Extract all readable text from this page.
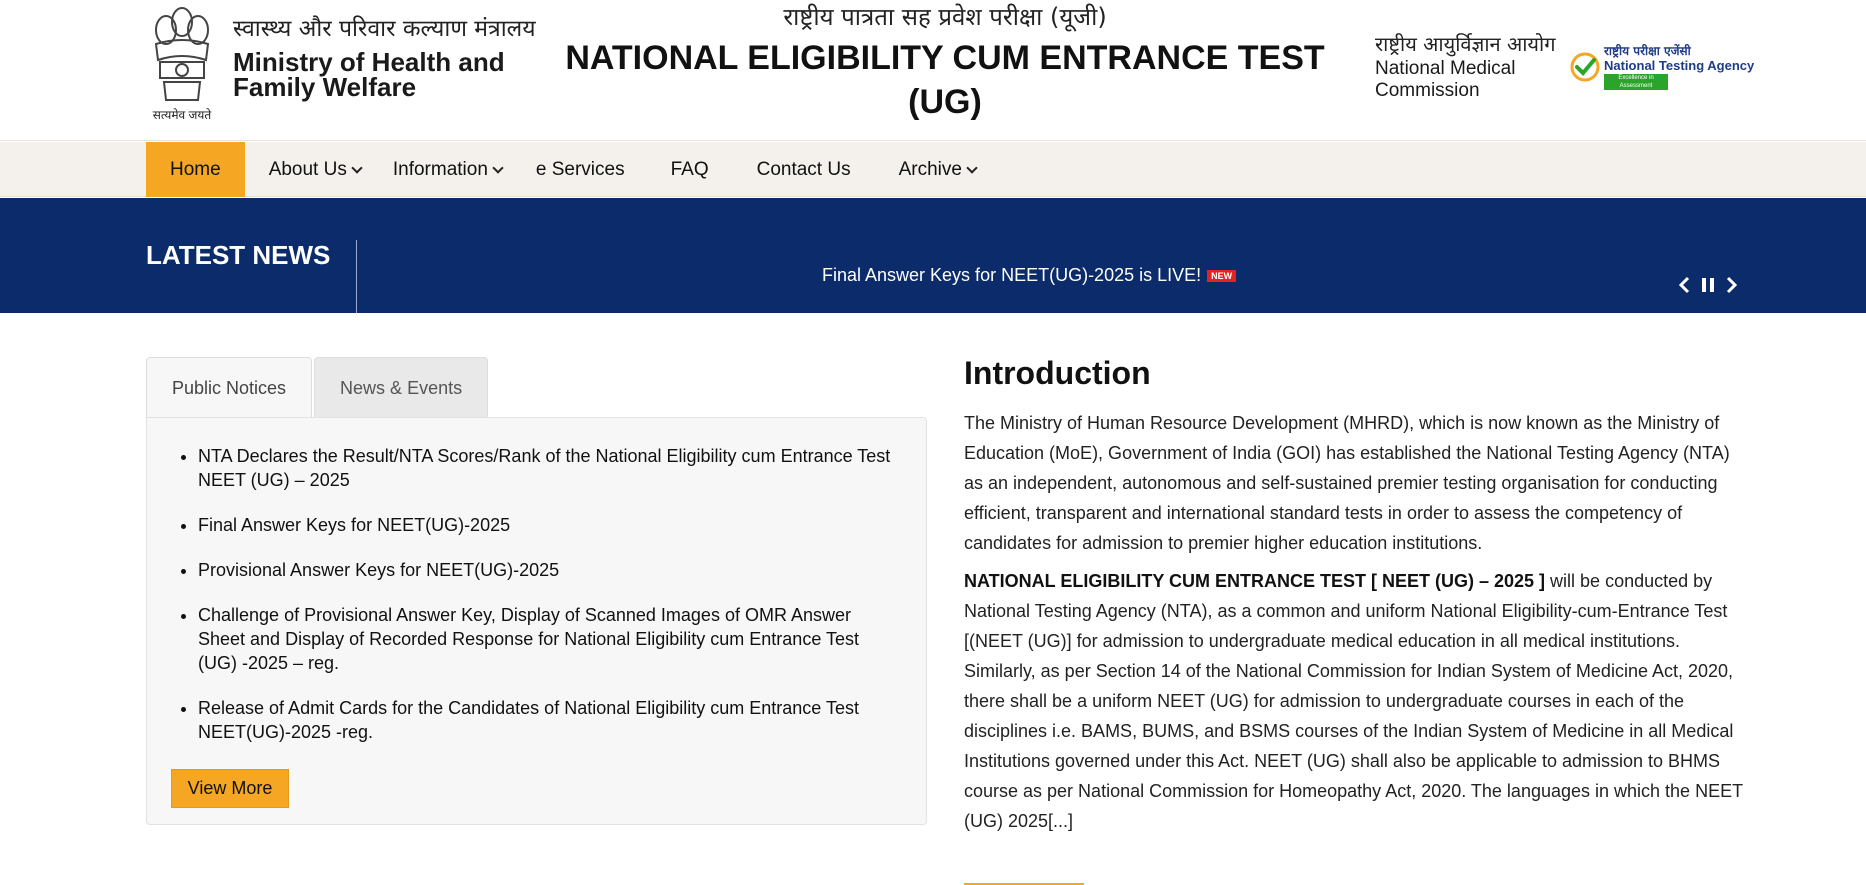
सत्यमेव जयते
स्वास्थ्य और परिवार कल्याण मंत्रालय
Ministry of Health and
Family Welfare
राष्ट्रीय पात्रता सह प्रवेश परीक्षा (यूजी)
NATIONAL ELIGIBILITY CUM ENTRANCE TEST
(UG)
राष्ट्रीय आयुर्विज्ञान आयोग
National Medical
Commission
राष्ट्रीय परीक्षा एजेंसी
National Testing Agency
Excellence in Assessment
Home	About Us Information	e Services FAQ	Contact Us	Archive
LATEST NEWS
Final Answer Keys for NEET(UG)-2025 is LIVE! NEW
Public Notices	News & Events
• NTA Declares the Result/NTA Scores/Rank of the National Eligibility cum Entrance Test NEET (UG) – 2025
• Final Answer Keys for NEET(UG)-2025
• Provisional Answer Keys for NEET(UG)-2025
• Challenge of Provisional Answer Key, Display of Scanned Images of OMR Answer Sheet and Display of Recorded Response for National Eligibility cum Entrance Test (UG) -2025 – reg.
• Release of Admit Cards for the Candidates of National Eligibility cum Entrance Test NEET(UG)-2025 -reg.
View More
Introduction

The Ministry of Human Resource Development (MHRD), which is now known as the Ministry of Education (MoE), Government of India (GOI) has established the National Testing Agency (NTA) as an independent, autonomous and self-sustained premier testing organisation for conducting efficient, transparent and international standard tests in order to assess the competency of candidates for admission to premier higher education institutions.

NATIONAL ELIGIBILITY CUM ENTRANCE TEST [ NEET (UG) – 2025 ] will be conducted by National Testing Agency (NTA), as a common and uniform National Eligibility-cum-Entrance Test [(NEET (UG)] for admission to undergraduate medical education in all medical institutions. Similarly, as per Section 14 of the National Commission for Indian System of Medicine Act, 2020, there shall be a uniform NEET (UG) for admission to undergraduate courses in each of the disciplines i.e. BAMS, BUMS, and BSMS courses of the Indian System of Medicine in all Medical Institutions governed under this Act. NEET (UG) shall also be applicable to admission to BHMS course as per National Commission for Homeopathy Act, 2020. The languages in which the NEET (UG) 2025[...]
